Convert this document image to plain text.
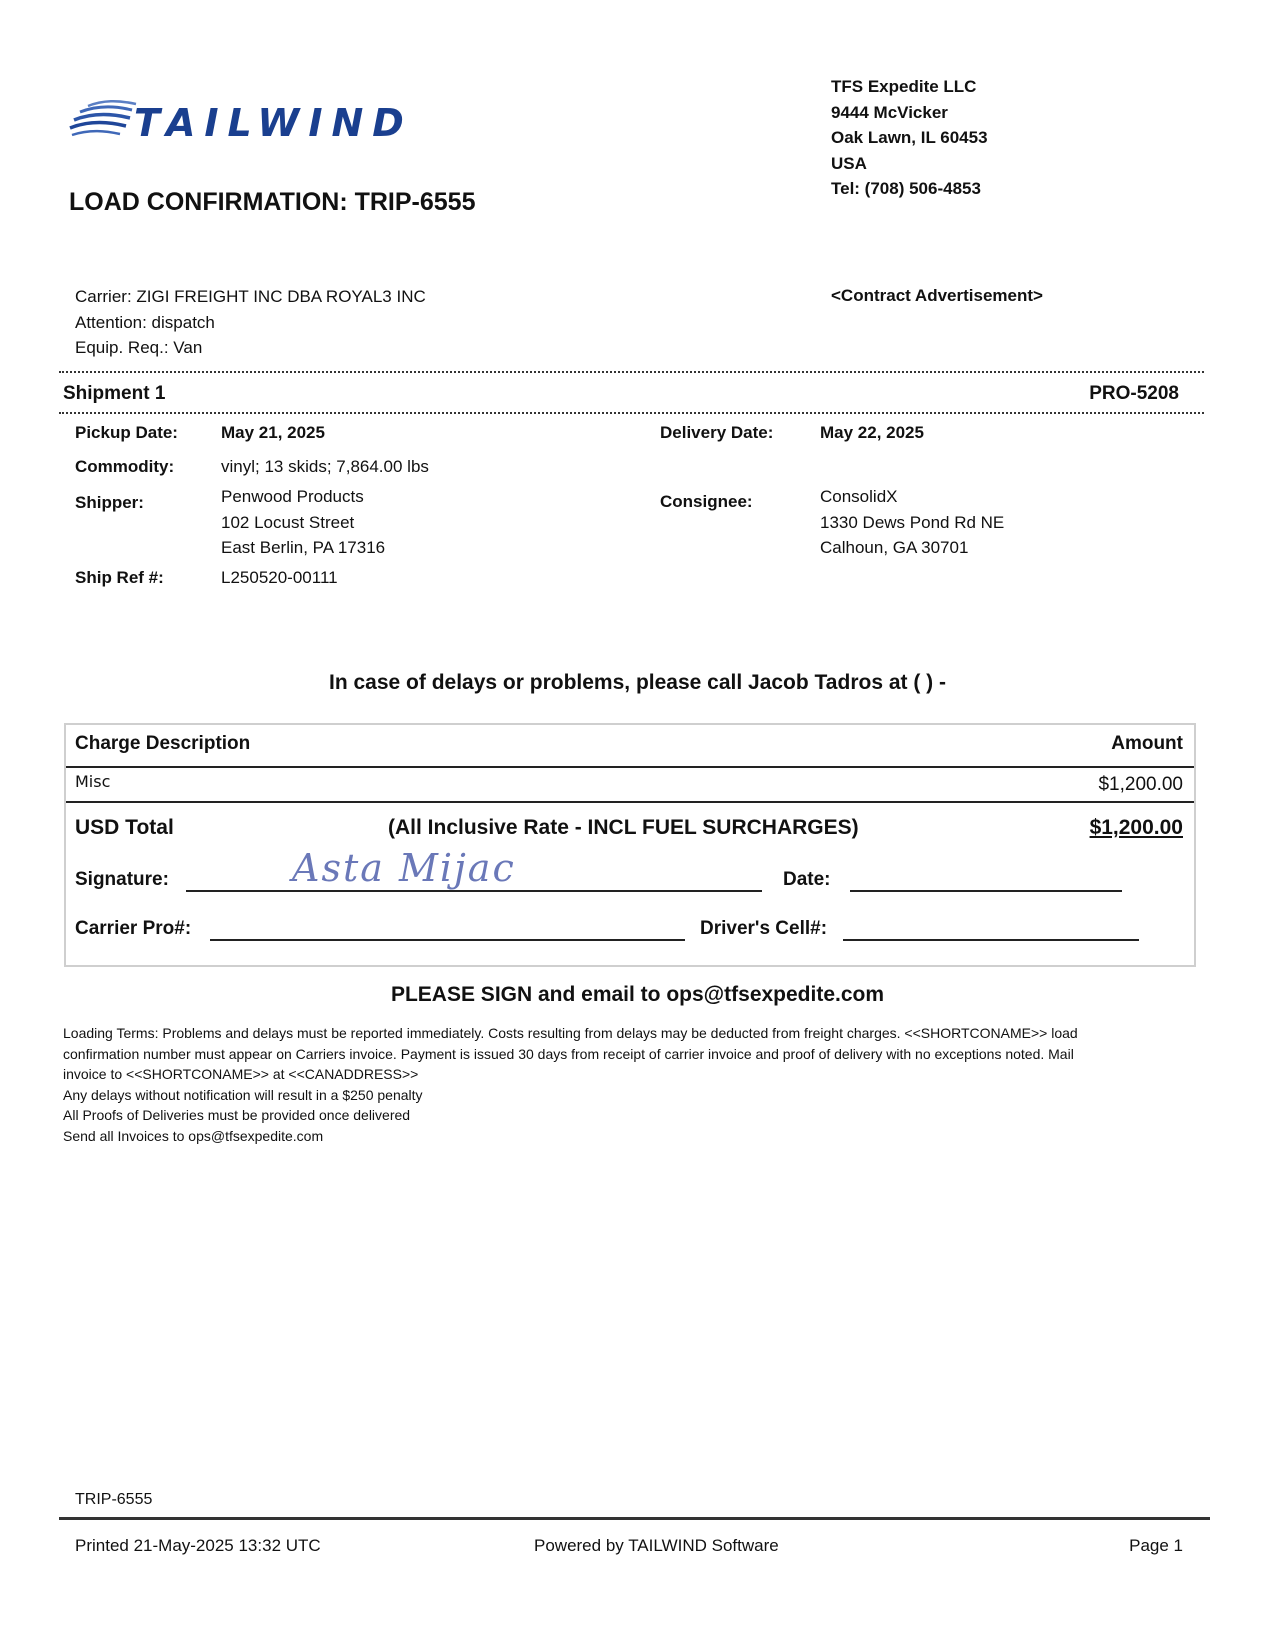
TAILWIND
LOAD CONFIRMATION: TRIP-6555
TFS Expedite LLC
9444 McVicker
Oak Lawn, IL 60453
USA
Tel: (708) 506-4853
Carrier: ZIGI FREIGHT INC DBA ROYAL3 INC
Attention: dispatch
Equip. Req.: Van
<Contract Advertisement>
Shipment 1	PRO-5208
Pickup Date:	May 21, 2025	Delivery Date:	May 22, 2025
Commodity:	vinyl; 13 skids; 7,864.00 lbs
Shipper:	Penwood Products
102 Locust Street
East Berlin, PA 17316
Consignee:	ConsolidX
1330 Dews Pond Rd NE
Calhoun, GA 30701
Ship Ref #:	L250520-00111
In case of delays or problems, please call Jacob Tadros at ( ) -
Charge Description	Amount
Misc	$1,200.00
USD Total	(All Inclusive Rate - INCL FUEL SURCHARGES)	$1,200.00
Signature:	Asta Mijac	Date:
Carrier Pro#:	Driver's Cell#:
PLEASE SIGN and email to ops@tfsexpedite.com
Loading Terms: Problems and delays must be reported immediately. Costs resulting from delays may be deducted from freight charges. <<SHORTCONAME>> load
confirmation number must appear on Carriers invoice. Payment is issued 30 days from receipt of carrier invoice and proof of delivery with no exceptions noted. Mail
invoice to <<SHORTCONAME>> at <<CANADDRESS>>
Any delays without notification will result in a $250 penalty
All Proofs of Deliveries must be provided once delivered
Send all Invoices to ops@tfsexpedite.com
TRIP-6555
Printed 21-May-2025 13:32 UTC	Powered by TAILWIND Software	Page 1
